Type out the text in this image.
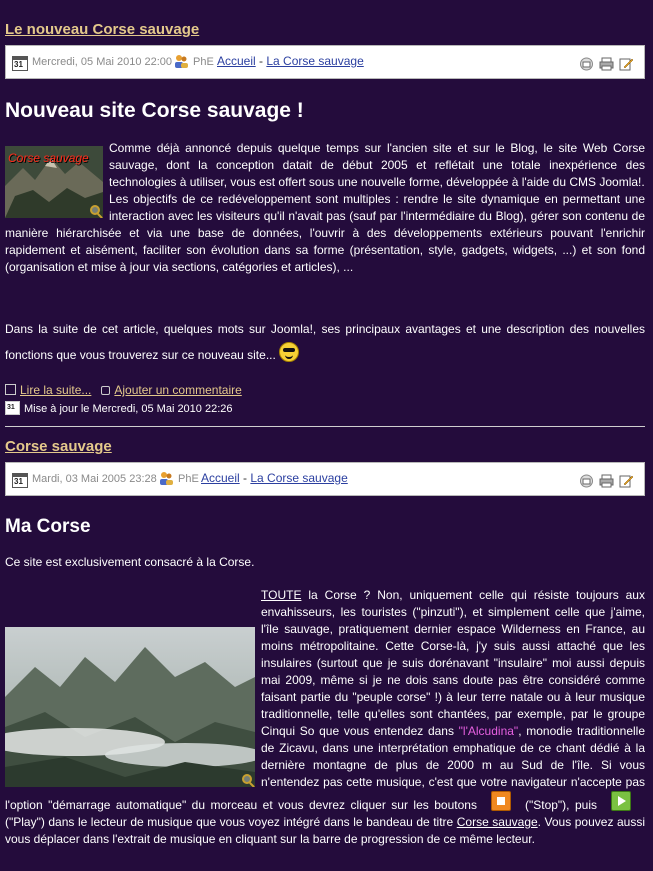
Le nouveau Corse sauvage
31 Mercredi, 05 Mai 2010 22:00 PhE Accueil - La Corse sauvage
Nouveau site Corse sauvage !
Corse sauvage
Comme déjà annoncé depuis quelque temps sur l'ancien site et sur le Blog, le site Web Corse sauvage, dont la conception datait de début 2005 et reflétait une totale inexpérience des technologies à utiliser, vous est offert sous une nouvelle forme, développée à l'aide du CMS Joomla!.
Les objectifs de ce redéveloppement sont multiples : rendre le site dynamique en permettant une interaction avec les visiteurs qu'il n'avait pas (sauf par l'intermédiaire du Blog), gérer son contenu de manière hiérarchisée et via une base de données, l'ouvrir à des développements extérieurs pouvant l'enrichir rapidement et aisément, faciliter son évolution dans sa forme (présentation, style, gadgets, widgets, ...) et son fond (organisation et mise à jour via sections, catégories et articles), ...
Dans la suite de cet article, quelques mots sur Joomla!, ses principaux avantages et une description des nouvelles fonctions que vous trouverez sur ce nouveau site...
Lire la suite... Ajouter un commentaire
31 Mise à jour le Mercredi, 05 Mai 2010 22:26
Corse sauvage
31 Mardi, 03 Mai 2005 23:28 PhE Accueil - La Corse sauvage
Ma Corse
Ce site est exclusivement consacré à la Corse.
TOUTE
la Corse ? Non, uniquement celle qui résiste toujours aux envahisseurs, les touristes ("pinzuti"), et simplement celle que j'aime, l'île sauvage, pratiquement dernier espace Wilderness en France, au moins métropolitaine. Cette Corse-là, j'y suis aussi attaché que les insulaires (surtout que je suis dorénavant "insulaire" moi aussi depuis mai 2009, même si je ne dois sans doute pas être considéré comme faisant partie du "peuple corse" !) à leur terre natale ou à leur musique traditionnelle, telle qu'elles sont chantées, par exemple, par le groupe Cinqui So que vous entendez dans "l'Alcudina", monodie traditionnelle de Zicavu, dans une interprétation emphatique de ce chant dédié à la dernière montagne de plus de 2000 m au Sud de l'île. Si vous n'entendez pas cette musique, c'est que votre navigateur n'accepte pas l'option "démarrage automatique" du morceau et vous devrez cliquer sur les boutons	("Stop"), puis("Play") dans le lecteur de musique que vous voyez intégré dans le bandeau de titre Corse sauvage. Vous pouvez aussi vous déplacer dans l'extrait de musique en cliquant sur la barre de progression de ce même lecteur.
